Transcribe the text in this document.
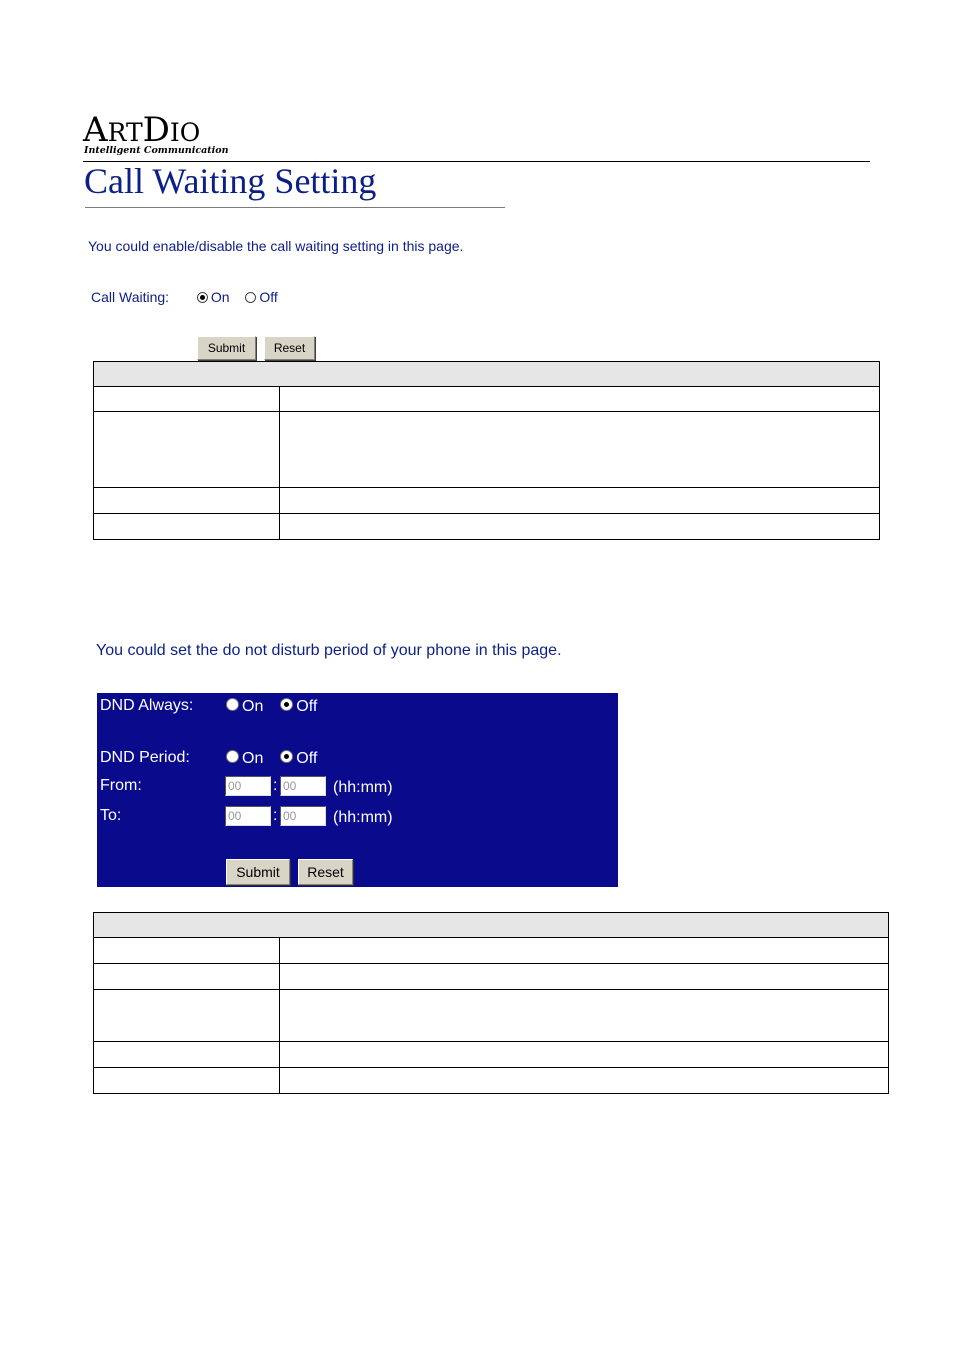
ARTDIO
Intelligent Communication
Call Waiting Setting
You could enable/disable the call waiting setting in this page.
Call Waiting:	On Off
Submit	Reset

You could set the do not disturb period of your phone in this page.
DND Always:	On Off
DND Period:	On Off
From:	00	: 00	(hh:mm)
To:	00	: 00	(hh:mm)
Submit	Reset
